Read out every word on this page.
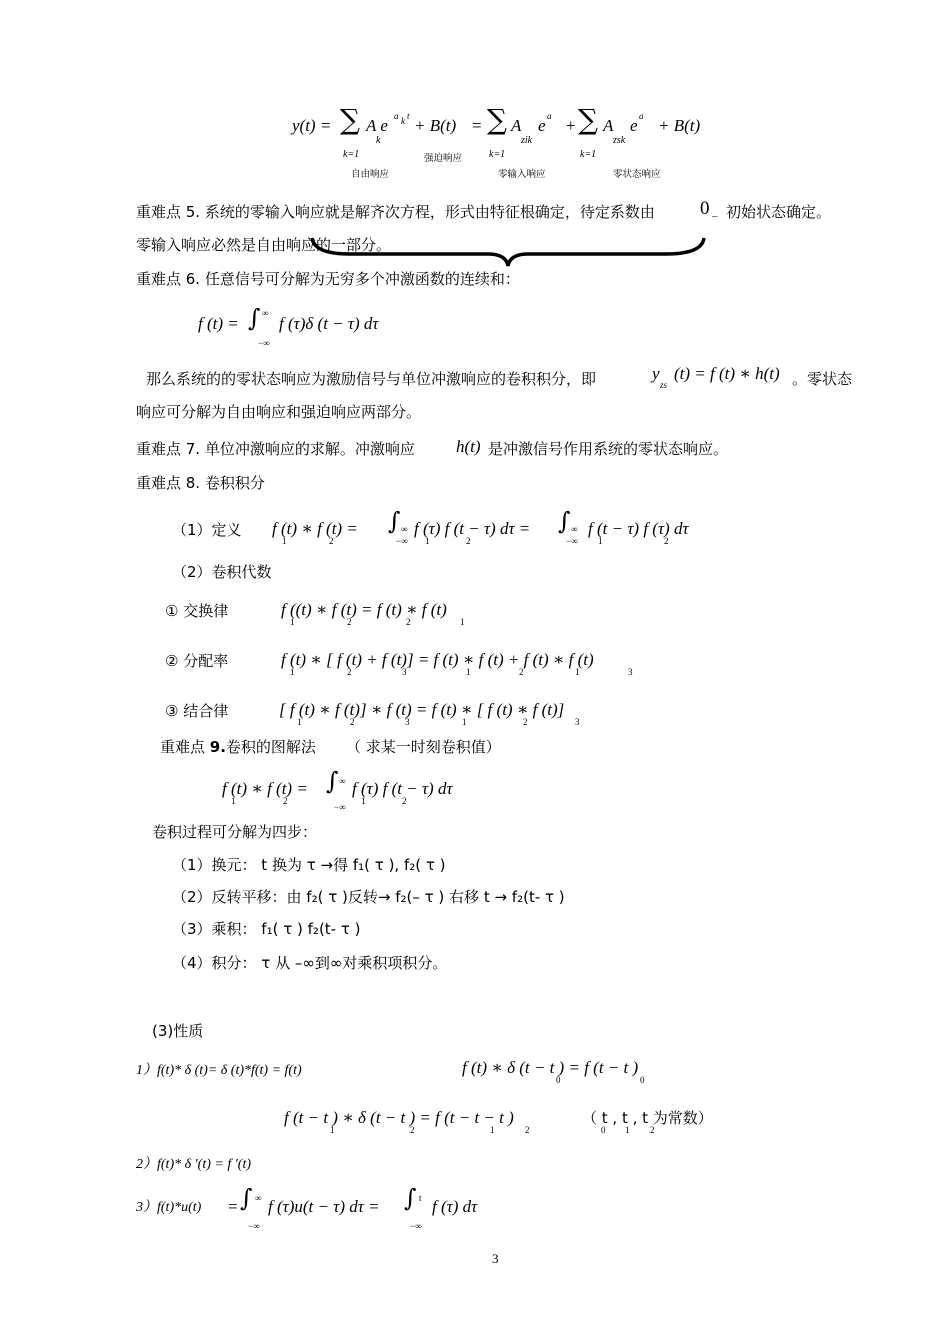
y(t) = ∑ A e
k
a k t + B(t) = ∑ A
zik
e a + ∑ A
zsk
e a + B(t)
k=1	k=1	k=1
强迫响应
自由响应	零输入响应	零状态响应
重难点 5. 系统的零输入响应就是解齐次方程，形式由特征根确定，待定系数由 0 – 初始状态确定。
零输入响应必然是自由响应的一部分。
重难点 6. 任意信号可分解为无穷多个冲激函数的连续和：
f (t) = ∫ ∞
−∞
f (τ)δ (t − τ) dτ
那么系统的的零状态响应为激励信号与单位冲激响应的卷积积分，即	y
zs
(t) = f (t) ∗ h(t) 。零状态
响应可分解为自由响应和强迫响应两部分。
重难点 7. 单位冲激响应的求解。冲激响应 h(t) 是冲激信号作用系统的零状态响应。
重难点 8. 卷积积分
（1）定义 f (t) ∗ f (t) =
1	2
∫ ∞
−∞
f (τ) f (t − τ) dτ =
1	2
∫ ∞
−∞
f (t − τ) f (τ) dτ
1	2
（2）卷积代数
① 交换律	f ((t) ∗ f (t) = f (t) ∗ f (t)
1	2	2	1
② 分配率	f (t) ∗ [ f (t) + f (t)] = f (t) ∗ f (t) + f (t) ∗ f (t)
1	2	3	1	2	1	3
③ 结合律	[ f (t) ∗ f (t)] ∗ f (t) = f (t) ∗ [ f (t) ∗ f (t)]
1	2	3	1	2	3
重难点 9.卷积的图解法 （ 求某一时刻卷积值）
f (t) ∗ f (t) =
1	2
∫ ∞
−∞
f (τ) f (t − τ) dτ
1	2
卷积过程可分解为四步：
（1）换元： t 换为 τ →得 f₁( τ ), f₂( τ )
（2）反转平移：由 f₂( τ )反转→ f₂(– τ ) 右移 t → f₂(t- τ )
（3）乘积： f₁( τ ) f₂(t- τ )
（4）积分： τ 从 –∞到∞对乘积项积分。
(3)性质
1）f(t)* δ (t)= δ (t)*f(t) = f(t)	f (t) ∗ δ (t − t ) = f (t − t )
0	0
f (t − t ) ∗ δ (t − t ) = f (t − t − t )
1	2	1	2
（ t , t , t 为常数）
0 1 2
2）f(t)* δ ′(t) = f ′(t)
3）f(t)*u(t) = ∫ ∞
−∞
f (τ)u(t − τ) dτ = ∫ t
−∞
f (τ) dτ
3
